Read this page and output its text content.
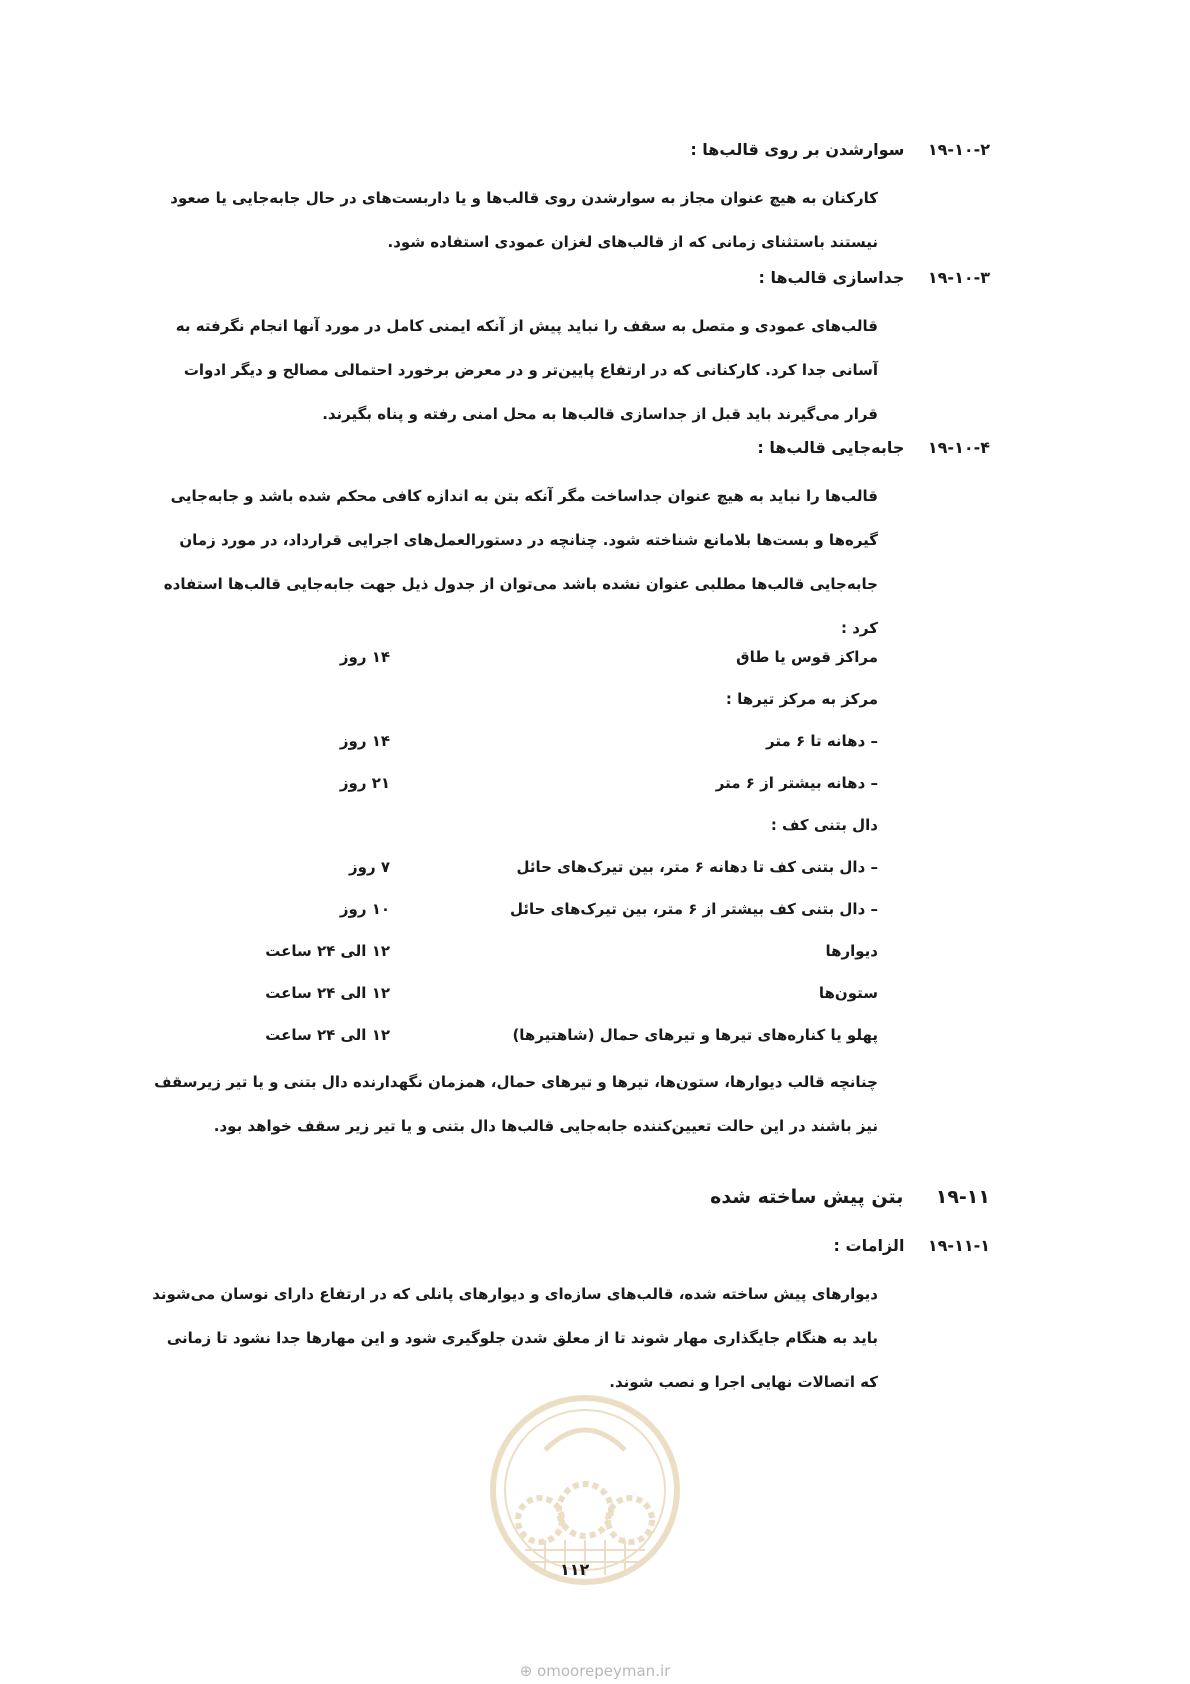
۱۹-۱۰-۲ سوارشدن بر روی قالب‌ها :
کارکنان به هیچ عنوان مجاز به سوارشدن روی قالب‌ها و یا داربست‌های در حال جابه‌جایی یا صعود
نیستند باستثنای زمانی که از قالب‌های لغزان عمودی استفاده شود.
۱۹-۱۰-۳ جداسازی قالب‌ها :
قالب‌های عمودی و متصل به سقف را نباید پیش از آنکه ایمنی کامل در مورد آنها انجام نگرفته به
آسانی جدا کرد. کارکنانی که در ارتفاع پایین‌تر و در معرض برخورد احتمالی مصالح و دیگر ادوات
قرار می‌گیرند باید قبل از جداسازی قالب‌ها به محل امنی رفته و پناه بگیرند.
۱۹-۱۰-۴ جابه‌جایی قالب‌ها :
قالب‌ها را نباید به هیچ عنوان جداساخت مگر آنکه بتن به اندازه کافی محکم شده باشد و جابه‌جایی
گیره‌ها و بست‌ها بلامانع شناخته شود. چنانچه در دستورالعمل‌های اجرایی قرارداد، در مورد زمان
جابه‌جایی قالب‌ها مطلبی عنوان نشده باشد می‌توان از جدول ذیل جهت جابه‌جایی قالب‌ها استفاده
کرد :
مراکز قوس یا طاق
۱۴ روز
مرکز به مرکز تیرها :
– دهانه تا ۶ متر
۱۴ روز
– دهانه بیشتر از ۶ متر
۲۱ روز
دال بتنی کف :
– دال بتنی کف تا دهانه ۶ متر، بین تیرک‌های حائل
۷ روز
– دال بتنی کف بیشتر از ۶ متر، بین تیرک‌های حائل
۱۰ روز
دیوارها
۱۲ الی ۲۴ ساعت
ستون‌ها
۱۲ الی ۲۴ ساعت
پهلو یا کناره‌های تیرها و تیرهای حمال (شاهتیرها)
۱۲ الی ۲۴ ساعت
چنانچه قالب دیوارها، ستون‌ها، تیرها و تیرهای حمال، همزمان نگهدارنده دال بتنی و یا تیر زیرسقف
نیز باشند در این حالت تعیین‌کننده جابه‌جایی قالب‌ها دال بتنی و یا تیر زیر سقف خواهد بود.
۱۹-۱۱ بتن پیش ساخته شده
۱۹-۱۱-۱ الزامات :
دیوارهای پیش ساخته شده، قالب‌های سازه‌ای و دیوارهای پانلی که در ارتفاع دارای نوسان می‌شوند
باید به هنگام جایگذاری مهار شوند تا از معلق شدن جلوگیری شود و این مهارها جدا نشود تا زمانی
که اتصالات نهایی اجرا و نصب شوند.
۱۱۲
⊕ omoorepeyman.ir
